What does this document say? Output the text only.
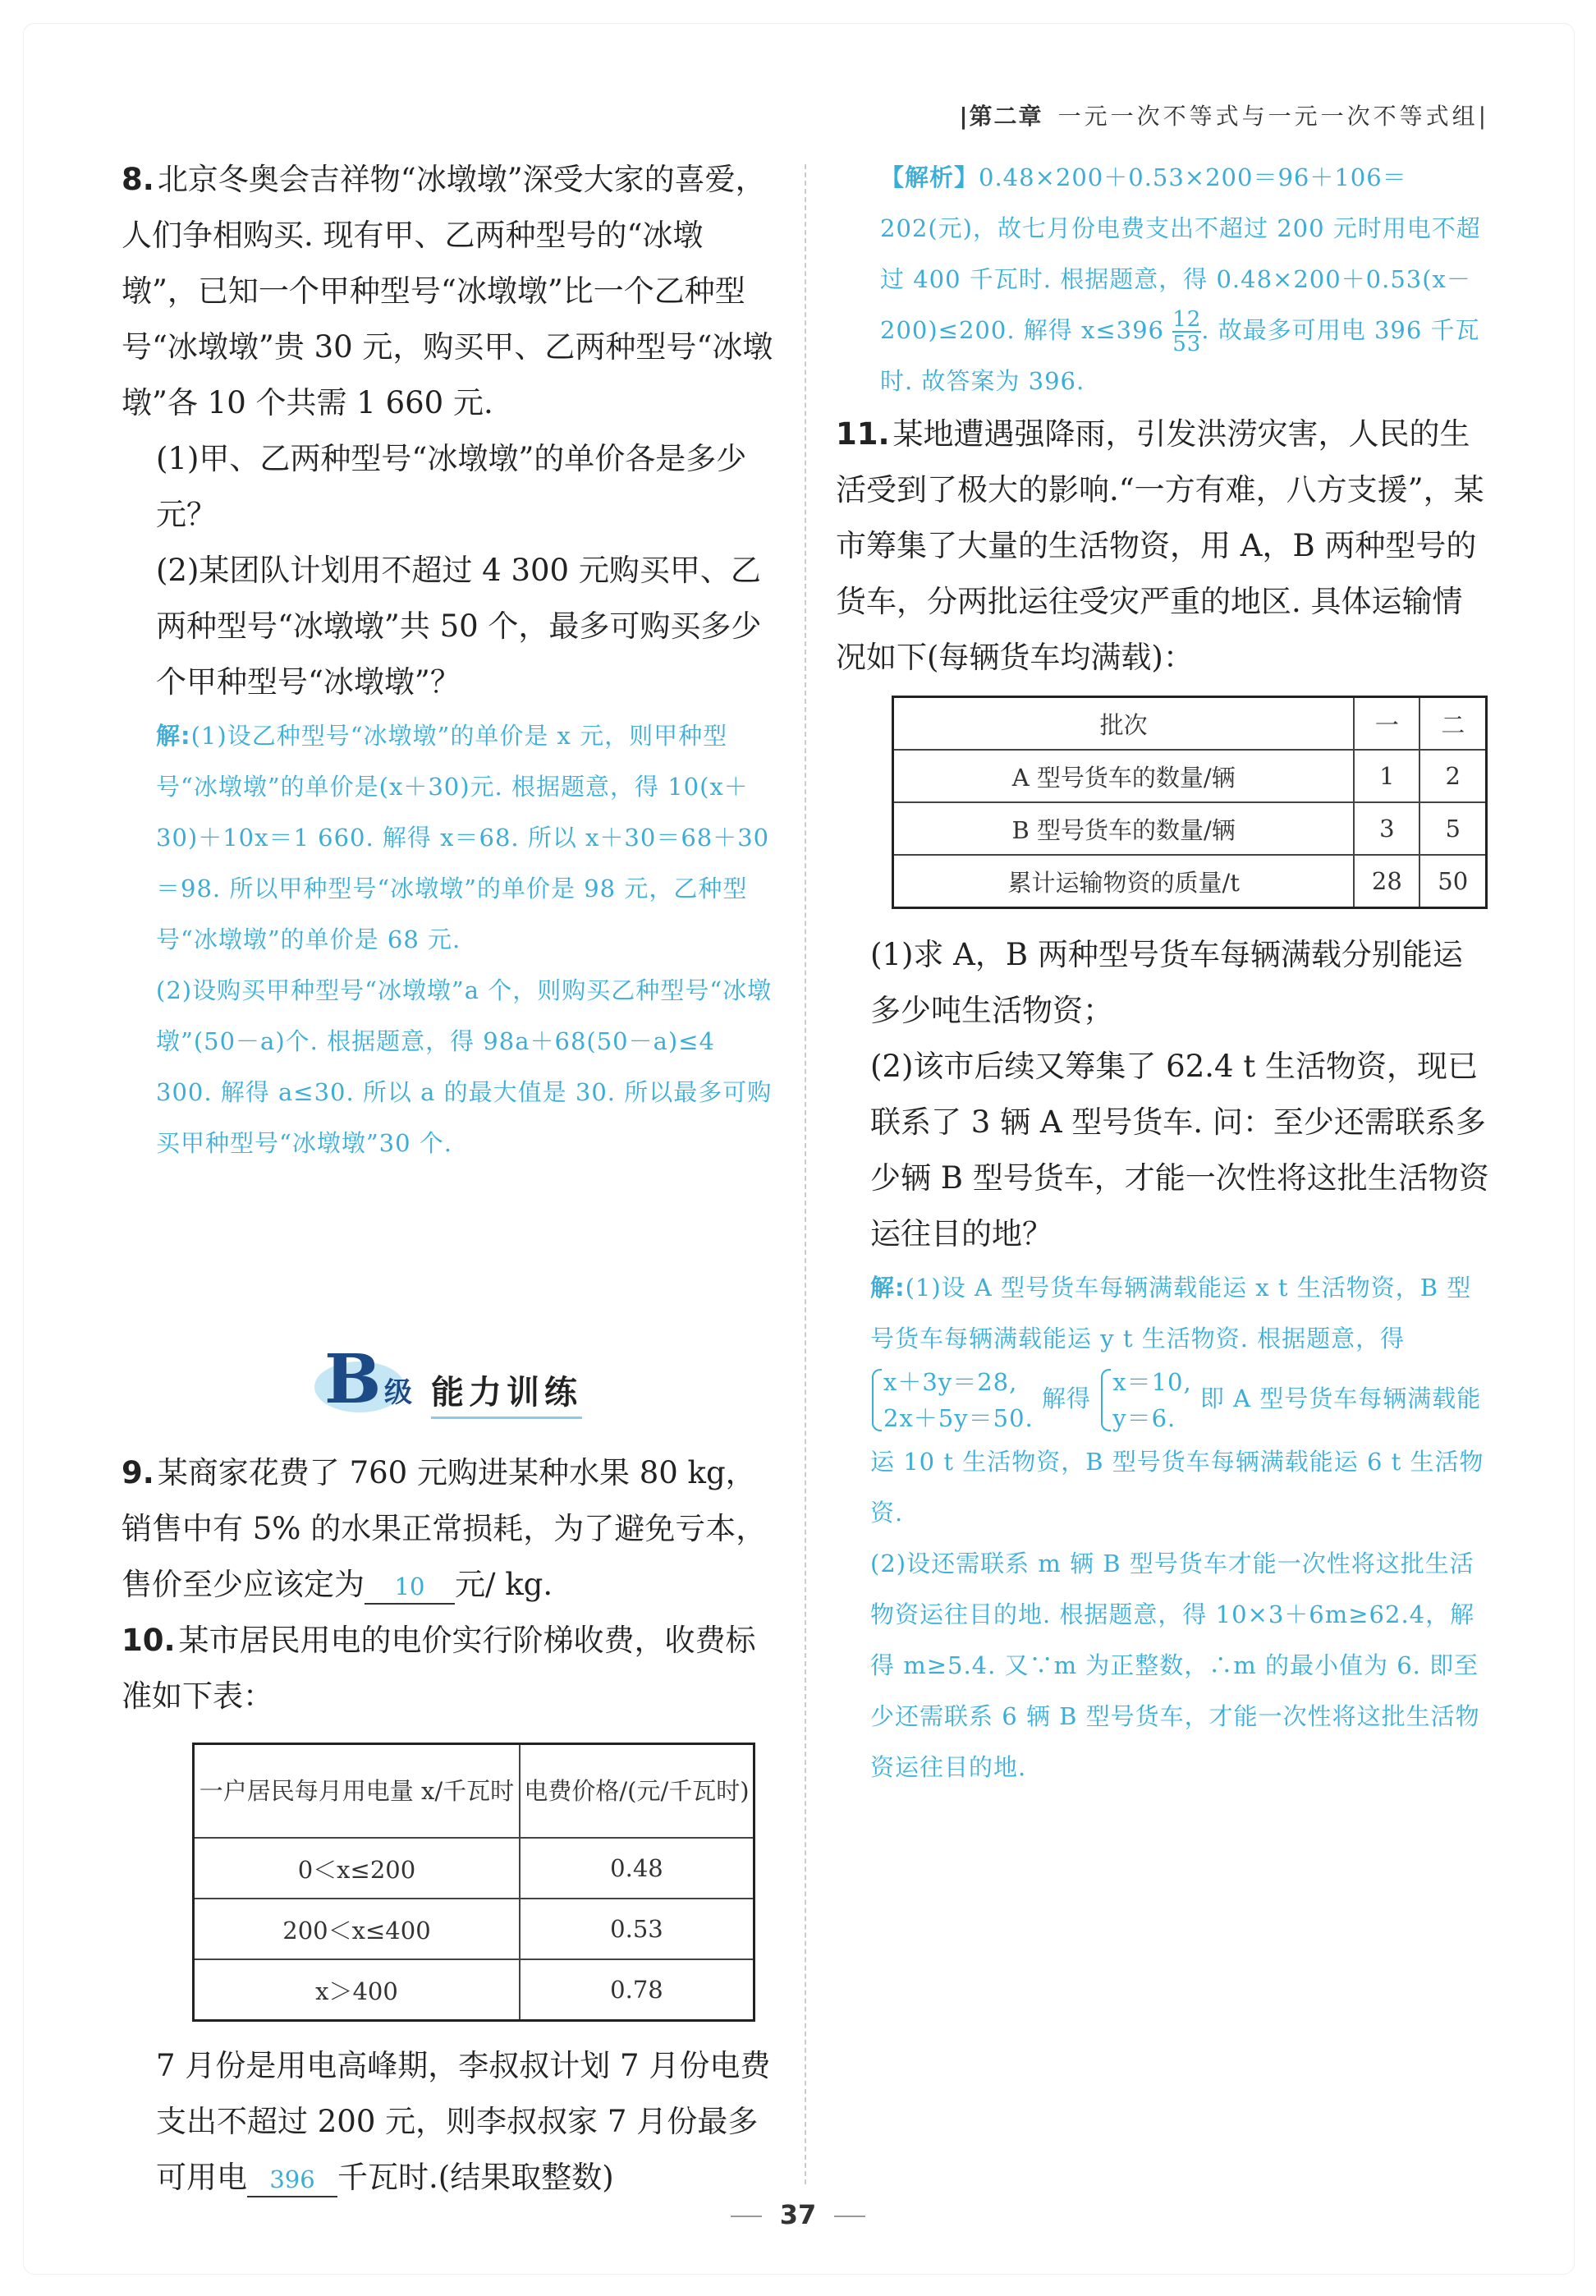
|第二章 一元一次不等式与一元一次不等式组|
8. 北京冬奥会吉祥物“冰墩墩”深受大家的喜爱，人们争相购买. 现有甲、乙两种型号的“冰墩墩”，已知一个甲种型号“冰墩墩”比一个乙种型号“冰墩墩”贵 30 元，购买甲、乙两种型号“冰墩墩”各 10 个共需 1 660 元.
(1)甲、乙两种型号“冰墩墩”的单价各是多少元？
(2)某团队计划用不超过 4 300 元购买甲、乙两种型号“冰墩墩”共 50 个，最多可购买多少个甲种型号“冰墩墩”？
解:(1)设乙种型号“冰墩墩”的单价是 x 元，则甲种型号“冰墩墩”的单价是(x＋30)元. 根据题意，得 10(x＋30)＋10x＝1 660. 解得 x＝68. 所以 x＋30＝68＋30＝98. 所以甲种型号“冰墩墩”的单价是 98 元，乙种型号“冰墩墩”的单价是 68 元.
(2)设购买甲种型号“冰墩墩”a 个，则购买乙种型号“冰墩墩”(50－a)个. 根据题意，得 98a＋68(50－a)≤4 300. 解得 a≤30. 所以 a 的最大值是 30. 所以最多可购买甲种型号“冰墩墩”30 个.
B 级 能力训练
9. 某商家花费了 760 元购进某种水果 80 kg，销售中有 5% 的水果正常损耗，为了避免亏本，售价至少应该定为 10 元/ kg.
10. 某市居民用电的电价实行阶梯收费，收费标准如下表：
一户居民每月用电量 x/千瓦时	电费价格/(元/千瓦时)
0＜x≤200	0.48
200＜x≤400	0.53
x＞400	0.78
7 月份是用电高峰期，李叔叔计划 7 月份电费支出不超过 200 元，则李叔叔家 7 月份最多可用电 396 千瓦时.(结果取整数)
【解析】0.48×200＋0.53×200＝96＋106＝202(元)，故七月份电费支出不超过 200 元时用电不超过 400 千瓦时. 根据题意，得 0.48×200＋0.53(x－200)≤200. 解得 $x\le 396 \frac{12}{53}$ . 故最多可用电 396 千瓦时. 故答案为 396.
11. 某地遭遇强降雨，引发洪涝灾害，人民的生活受到了极大的影响.“一方有难，八方支援”，某市筹集了大量的生活物资，用 A，B 两种型号的货车，分两批运往受灾严重的地区. 具体运输情况如下(每辆货车均满载)：
批次	一	二
A 型号货车的数量/辆	1	2
B 型号货车的数量/辆	3	5
累计运输物资的质量/t	28	50
(1)求 A，B 两种型号货车每辆满载分别能运多少吨生活物资；
(2)该市后续又筹集了 62.4 t 生活物资，现已联系了 3 辆 A 型号货车. 问：至少还需联系多少辆 B 型号货车，才能一次性将这批生活物资运往目的地？
解:(1)设 A 型号货车每辆满载能运 x t 生活物资，B 型号货车每辆满载能运 y t 生活物资. 根据题意，得
x＋3y＝28,
2x＋5y＝50.
解得
x＝10,
y＝6.
即 A 型号货车每辆满载能运 10 t 生活物资，B 型号货车每辆满载能运 6 t 生活物资.
(2)设还需联系 m 辆 B 型号货车才能一次性将这批生活物资运往目的地. 根据题意，得 10×3＋6m≥62.4，解得 m≥5.4. 又∵m 为正整数，∴m 的最小值为 6. 即至少还需联系 6 辆 B 型号货车，才能一次性将这批生活物资运往目的地.
37
